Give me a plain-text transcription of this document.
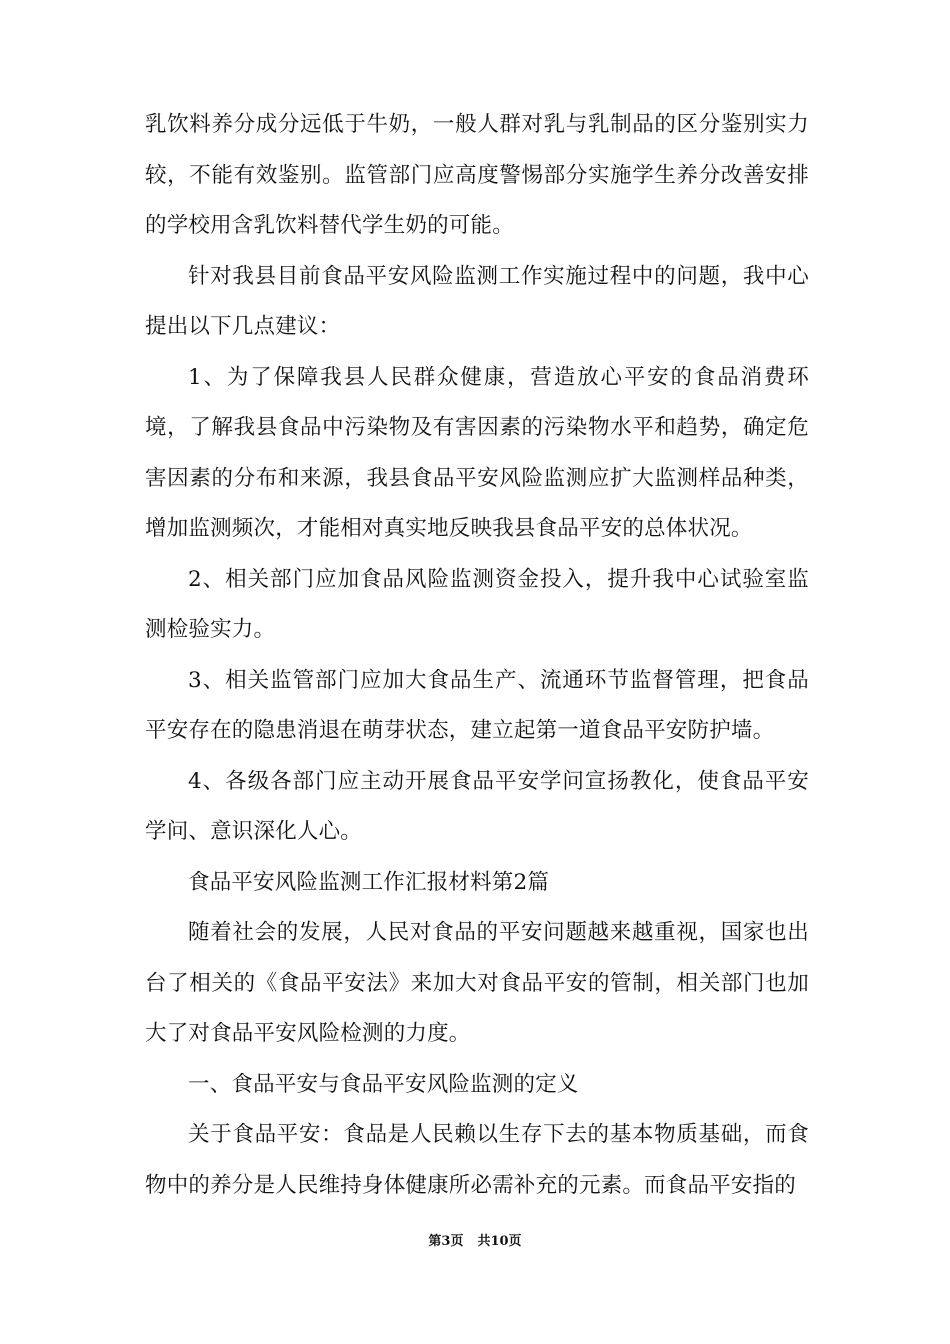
乳饮料养分成分远低于牛奶，一般人群对乳与乳制品的区分鉴别实力较，不能有效鉴别。监管部门应高度警惕部分实施学生养分改善安排的学校用含乳饮料替代学生奶的可能。

针对我县目前食品平安风险监测工作实施过程中的问题，我中心提出以下几点建议：

1、为了保障我县人民群众健康，营造放心平安的食品消费环境，了解我县食品中污染物及有害因素的污染物水平和趋势，确定危害因素的分布和来源，我县食品平安风险监测应扩大监测样品种类，增加监测频次，才能相对真实地反映我县食品平安的总体状况。

2、相关部门应加食品风险监测资金投入，提升我中心试验室监测检验实力。

3、相关监管部门应加大食品生产、流通环节监督管理，把食品平安存在的隐患消退在萌芽状态，建立起第一道食品平安防护墙。

4、各级各部门应主动开展食品平安学问宣扬教化，使食品平安学问、意识深化人心。

食品平安风险监测工作汇报材料第2篇

随着社会的发展，人民对食品的平安问题越来越重视，国家也出台了相关的《食品平安法》来加大对食品平安的管制，相关部门也加大了对食品平安风险检测的力度。

一、食品平安与食品平安风险监测的定义

关于食品平安：食品是人民赖以生存下去的基本物质基础，而食物中的养分是人民维持身体健康所必需补充的元素。而食品平安指的

第3页 共10页
